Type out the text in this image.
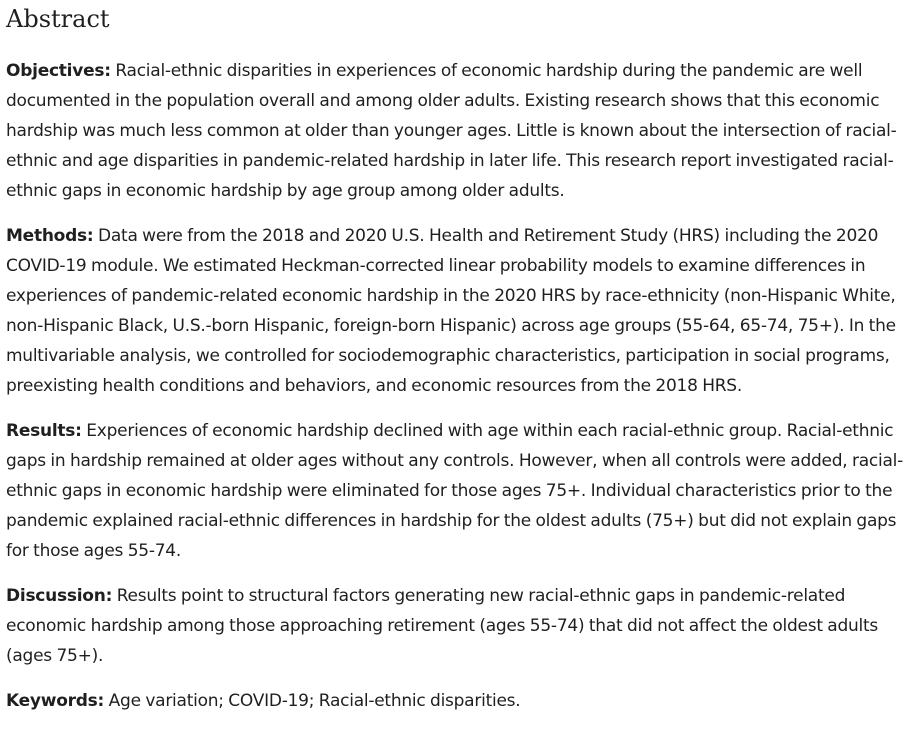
Abstract

Objectives: Racial-ethnic disparities in experiences of economic hardship during the pandemic are well documented in the population overall and among older adults. Existing research shows that this economic hardship was much less common at older than younger ages. Little is known about the intersection of racial-ethnic and age disparities in pandemic-related hardship in later life. This research report investigated racial-ethnic gaps in economic hardship by age group among older adults.

Methods: Data were from the 2018 and 2020 U.S. Health and Retirement Study (HRS) including the 2020 COVID-19 module. We estimated Heckman-corrected linear probability models to examine differences in experiences of pandemic-related economic hardship in the 2020 HRS by race-ethnicity (non-Hispanic White, non-Hispanic Black, U.S.-born Hispanic, foreign-born Hispanic) across age groups (55-64, 65-74, 75+). In the multivariable analysis, we controlled for sociodemographic characteristics, participation in social programs, preexisting health conditions and behaviors, and economic resources from the 2018 HRS.

Results: Experiences of economic hardship declined with age within each racial-ethnic group. Racial-ethnic gaps in hardship remained at older ages without any controls. However, when all controls were added, racial-ethnic gaps in economic hardship were eliminated for those ages 75+. Individual characteristics prior to the pandemic explained racial-ethnic differences in hardship for the oldest adults (75+) but did not explain gaps for those ages 55-74.

Discussion: Results point to structural factors generating new racial-ethnic gaps in pandemic-related economic hardship among those approaching retirement (ages 55-74) that did not affect the oldest adults (ages 75+).

Keywords: Age variation; COVID-19; Racial-ethnic disparities.
